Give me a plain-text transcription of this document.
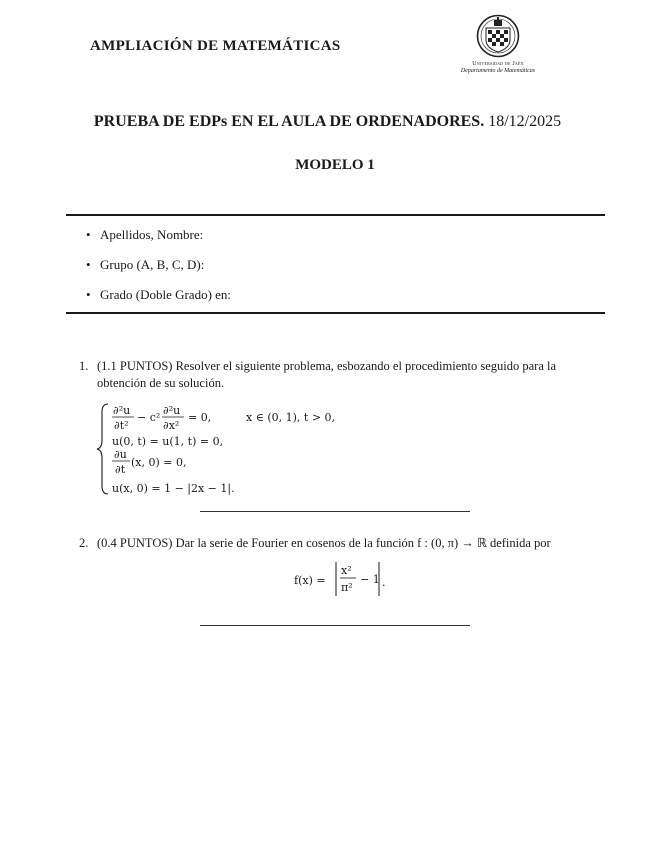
AMPLIACIÓN DE MATEMÁTICAS
Universidad de Jaén
Departamento de Matemáticas
PRUEBA DE EDPs EN EL AULA DE ORDENADORES. 18/12/2025
MODELO 1
• Apellidos, Nombre:
• Grupo (A, B, C, D):
• Grado (Doble Grado) en:
1. (1.1 PUNTOS) Resolver el siguiente problema, esbozando el procedimiento seguido para la obtención de su solución.
∂²u
∂t²
− c²
∂²u
∂x²
= 0,	x ∈ (0, 1), t > 0,
u(0, t) = u(1, t) = 0,
∂u
∂t
(x, 0) = 0,
u(x, 0) = 1 − |2x − 1|.
2. (0.4 PUNTOS) Dar la serie de Fourier en cosenos de la función f : (0, π) → ℝ definida por
f(x) =
x²
π²
− 1 .
